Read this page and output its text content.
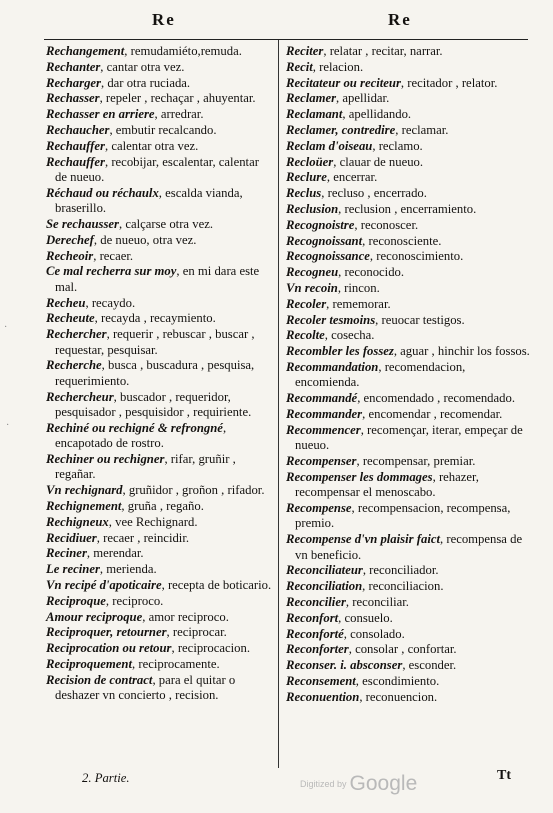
Re	Re
·
·
Rechangement, remudamiéto,remuda.
Rechanter, cantar otra vez.
Recharger, dar otra ruciada.
Rechasser, repeler , rechaçar , ahuyentar.
Rechasser en arriere, arredrar.
Rechaucher, embutir recalcando.
Rechauffer, calentar otra vez.
Rechauffer, recobijar, escalentar, calentar de nueuo.
Réchaud ou réchaulx, escalda vianda, braserillo.
Se rechausser, calçarse otra vez.
Derechef, de nueuo, otra vez.
Recheoir, recaer.
Ce mal recherra sur moy, en mi dara este mal.
Recheu, recaydo.
Recheute, recayda , recaymiento.
Rechercher, requerir , rebuscar , buscar , requestar, pesquisar.
Recherche, busca , buscadura , pesquisa, requerimiento.
Rechercheur, buscador , requeridor, pesquisador , pesquisidor , requiriente.
Rechiné ou rechigné & refrongné, encapotado de rostro.
Rechiner ou rechigner, rifar, gruñir , regañar.
Vn rechignard, gruñidor , groñon , rifador.
Rechignement, gruña , regaño.
Rechigneux, vee Rechignard.
Recidiuer, recaer , reincidir.
Reciner, merendar.
Le reciner, merienda.
Vn recipé d'apoticaire, recepta de boticario.
Reciproque, reciproco.
Amour reciproque, amor reciproco.
Reciproquer, retourner, reciprocar.
Reciprocation ou retour, reciprocacion.
Reciproquement, reciprocamente.
Recision de contract, para el quitar o deshazer vn concierto , recision.
Reciter, relatar , recitar, narrar.
Recit, relacion.
Recitateur ou reciteur, recitador , relator.
Reclamer, apellidar.
Reclamant, apellidando.
Reclamer, contredire, reclamar.
Reclam d'oiseau, reclamo.
Recloüer, clauar de nueuo.
Reclure, encerrar.
Reclus, recluso , encerrado.
Reclusion, reclusion , encerramiento.
Recognoistre, reconoscer.
Recognoissant, reconosciente.
Recognoissance, reconoscimiento.
Recogneu, reconocido.
Vn recoin, rincon.
Recoler, rememorar.
Recoler tesmoins, reuocar testigos.
Recolte, cosecha.
Recombler les fossez, aguar , hinchir los fossos.
Recommandation, recomendacion, encomienda.
Recommandé, encomendado , recomendado.
Recommander, encomendar , recomendar.
Recommencer, recomençar, iterar, empeçar de nueuo.
Recompenser, recompensar, premiar.
Recompenser les dommages, rehazer, recompensar el menoscabo.
Recompense, recompensacion, recompensa, premio.
Recompense d'vn plaisir faict, recompensa de vn beneficio.
Reconciliateur, reconciliador.
Reconciliation, reconciliacion.
Reconcilier, reconciliar.
Reconfort, consuelo.
Reconforté, consolado.
Reconforter, consolar , confortar.
Reconser. i. absconser, esconder.
Reconsement, escondimiento.
Reconuention, reconuencion.
2. Partie.	Tt
Digitized by Google
